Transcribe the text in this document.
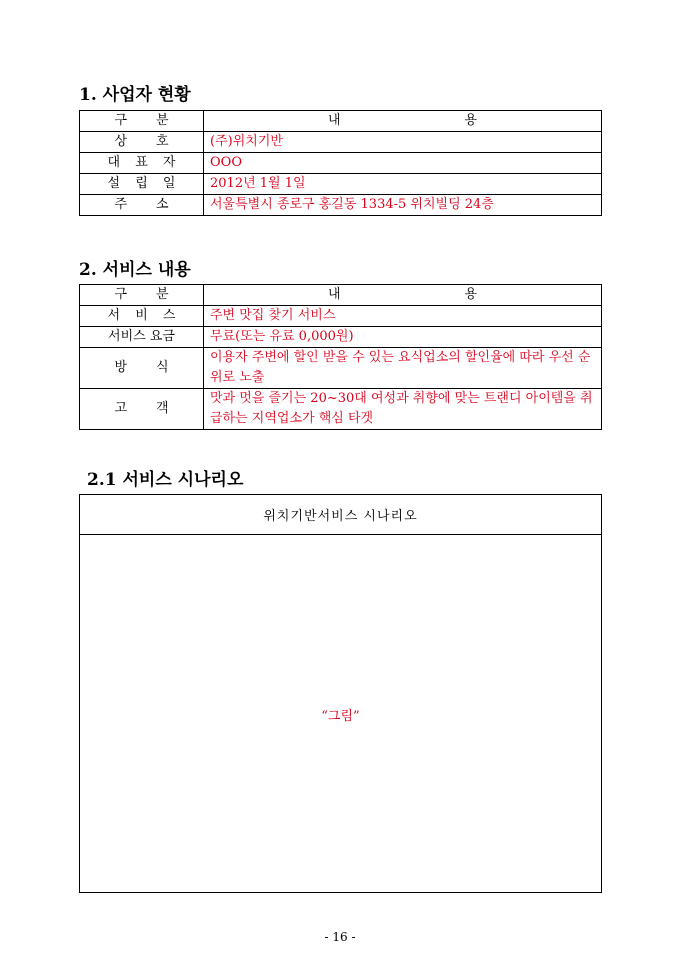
1. 사업자 현황
구 분	내 용

상 호	(주)위치기반

대 표 자	OOO

설 립 일	2012년 1월 1일

주 소	서울특별시 종로구 홍길동 1334-5 위치빌딩 24층
2. 서비스 내용
구 분	내 용

서 비 스	주변 맛집 찾기 서비스
서비스 요금	무료(또는 유료 0,000원)

방 식	이용자 주변에 할인 받을 수 있는 요식업소의 할인율에 따라 우선 순위로 노출

고 객	맛과 멋을 즐기는 20~30대 여성과 취향에 맞는 트랜디 아이템을 취급하는 지역업소가 핵심 타겟
2.1 서비스 시나리오
위치기반서비스 시나리오
“그림”
- 16 -
